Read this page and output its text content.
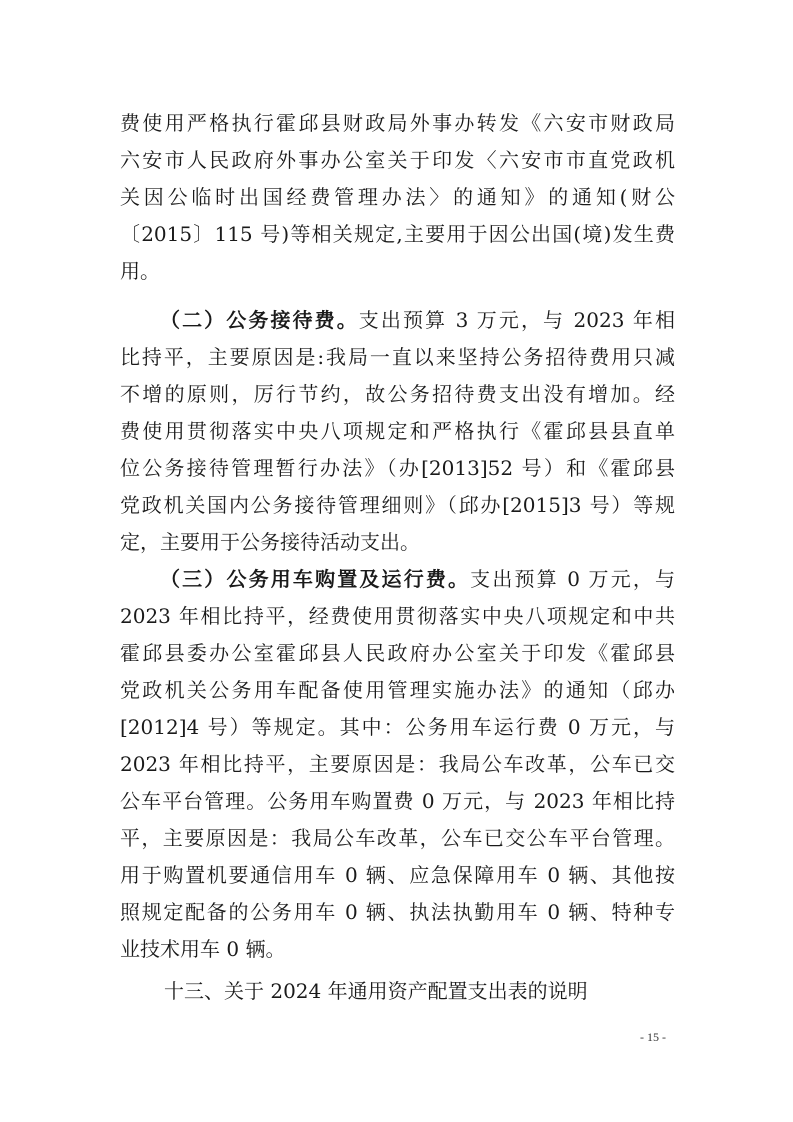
费使用严格执行霍邱县财政局外事办转发《六安市财政局
六安市人民政府外事办公室关于印发〈六安市市直党政机
关因公临时出国经费管理办法〉的通知》的通知(财公
〔2015〕115 号)等相关规定,主要用于因公出国(境)发生费
用。
（二）公务接待费。支出预算 3 万元，与 2023 年相
比持平，主要原因是:我局一直以来坚持公务招待费用只减
不增的原则，厉行节约，故公务招待费支出没有增加。经
费使用贯彻落实中央八项规定和严格执行《霍邱县县直单
位公务接待管理暂行办法》（办[2013]52 号）和《霍邱县
党政机关国内公务接待管理细则》（邱办[2015]3 号）等规
定，主要用于公务接待活动支出。
（三）公务用车购置及运行费。支出预算 0 万元，与
2023 年相比持平，经费使用贯彻落实中央八项规定和中共
霍邱县委办公室霍邱县人民政府办公室关于印发《霍邱县
党政机关公务用车配备使用管理实施办法》的通知（邱办
[2012]4 号）等规定。其中：公务用车运行费 0 万元，与
2023 年相比持平，主要原因是：我局公车改革，公车已交
公车平台管理。公务用车购置费 0 万元，与 2023 年相比持
平，主要原因是：我局公车改革，公车已交公车平台管理。
用于购置机要通信用车 0 辆、应急保障用车 0 辆、其他按
照规定配备的公务用车 0 辆、执法执勤用车 0 辆、特种专
业技术用车 0 辆。
十三、关于 2024 年通用资产配置支出表的说明
- 15 -
